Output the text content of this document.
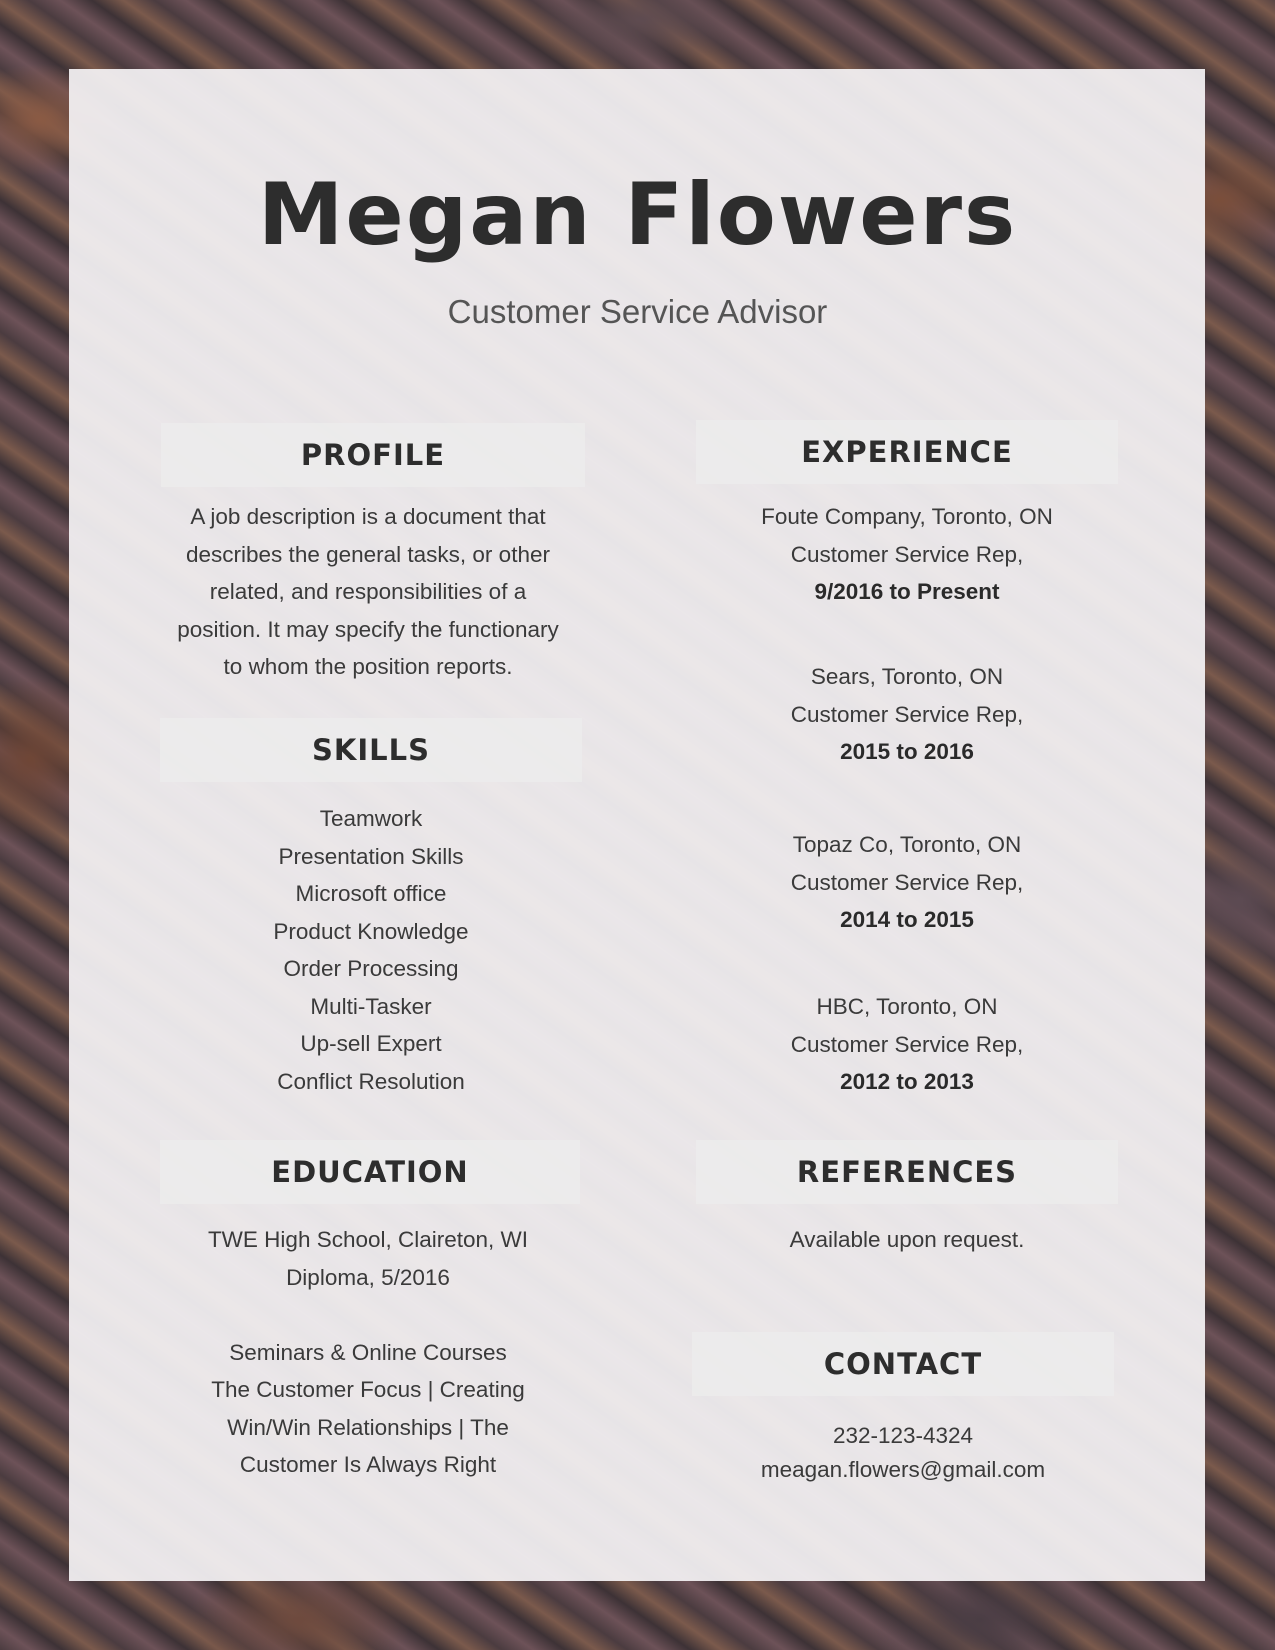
Megan Flowers
Customer Service Advisor
PROFILE
A job description is a document that
describes the general tasks, or other
related, and responsibilities of a
position. It may specify the functionary
to whom the position reports.
SKILLS
Teamwork
Presentation Skills
Microsoft office
Product Knowledge
Order Processing
Multi-Tasker
Up-sell Expert
Conflict Resolution
EDUCATION
TWE High School, Claireton, WI
Diploma, 5/2016
Seminars & Online Courses
The Customer Focus | Creating
Win/Win Relationships | The
Customer Is Always Right
EXPERIENCE
Foute Company, Toronto, ON
Customer Service Rep,
9/2016 to Present
Sears, Toronto, ON
Customer Service Rep,
2015 to 2016
Topaz Co, Toronto, ON
Customer Service Rep,
2014 to 2015
HBC, Toronto, ON
Customer Service Rep,
2012 to 2013
REFERENCES
Available upon request.
CONTACT
232-123-4324
meagan.flowers@gmail.com
